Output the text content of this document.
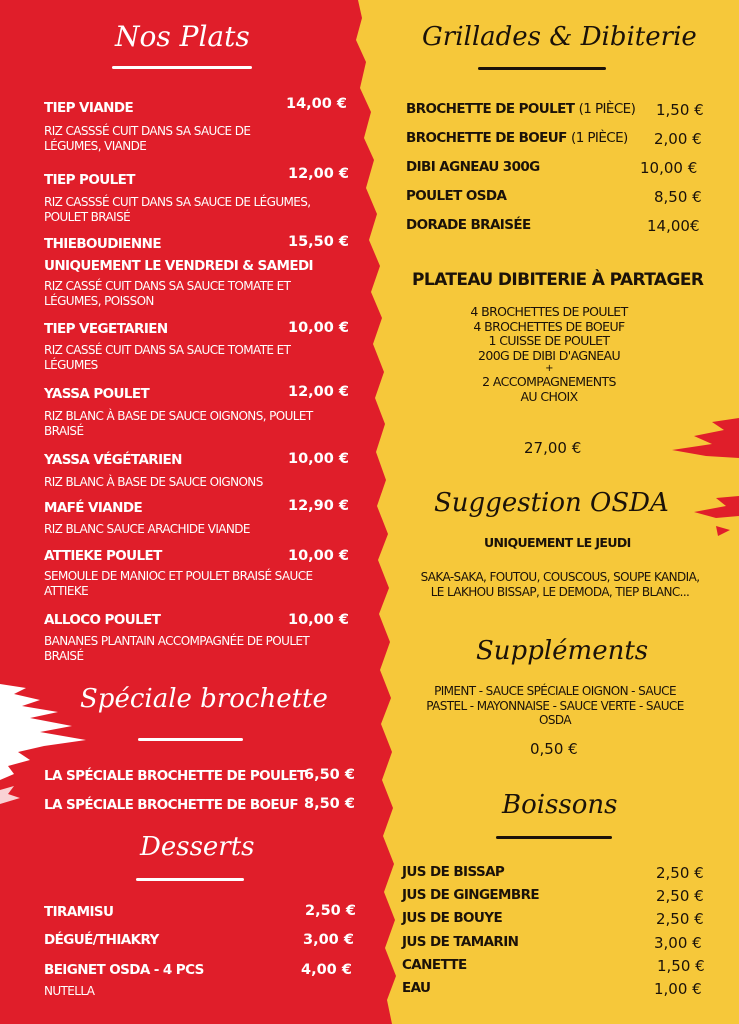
Nos Plats
TIEP VIANDE	14,00 €
RIZ CASSSÉ CUIT DANS SA SAUCE DE
LÉGUMES, VIANDE
TIEP POULET	12,00 €
RIZ CASSSÉ CUIT DANS SA SAUCE DE LÉGUMES,
POULET BRAISÉ
THIEBOUDIENNE	15,50 €
UNIQUEMENT LE VENDREDI & SAMEDI
RIZ CASSÉ CUIT DANS SA SAUCE TOMATE ET
LÉGUMES, POISSON
TIEP VEGETARIEN	10,00 €
RIZ CASSÉ CUIT DANS SA SAUCE TOMATE ET
LÉGUMES
YASSA POULET	12,00 €
RIZ BLANC À BASE DE SAUCE OIGNONS, POULET
BRAISÉ
YASSA VÉGÉTARIEN	10,00 €
RIZ BLANC À BASE DE SAUCE OIGNONS
MAFÉ VIANDE	12,90 €
RIZ BLANC SAUCE ARACHIDE VIANDE
ATTIEKE POULET	10,00 €
SEMOULE DE MANIOC ET POULET BRAISÉ SAUCE
ATTIEKE
ALLOCO POULET	10,00 €
BANANES PLANTAIN ACCOMPAGNÉE DE POULET
BRAISÉ
Spéciale brochette
LA SPÉCIALE BROCHETTE DE POULET
6,50 €
LA SPÉCIALE BROCHETTE DE BOEUF 8,50 €
Desserts
TIRAMISU	2,50 €
DÉGUÉ/THIAKRY	3,00 €
BEIGNET OSDA - 4 PCS	4,00 €
NUTELLA
Grillades & Dibiterie
BROCHETTE DE POULET (1 PIÈCE) 1,50 €
BROCHETTE DE BOEUF (1 PIÈCE) 2,00 €
DIBI AGNEAU 300G	10,00 €
POULET OSDA	8,50 €
DORADE BRAISÉE	14,00€
PLATEAU DIBITERIE À PARTAGER
4 BROCHETTES DE POULET
4 BROCHETTES DE BOEUF
1 CUISSE DE POULET
200G DE DIBI D'AGNEAU
+
2 ACCOMPAGNEMENTS
AU CHOIX
27,00 €
Suggestion OSDA
UNIQUEMENT LE JEUDI
SAKA-SAKA, FOUTOU, COUSCOUS, SOUPE KANDIA,
LE LAKHOU BISSAP, LE DEMODA, TIEP BLANC...
Suppléments
PIMENT - SAUCE SPÉCIALE OIGNON - SAUCE
PASTEL - MAYONNAISE - SAUCE VERTE - SAUCE
OSDA
0,50 €
Boissons
JUS DE BISSAP	2,50 €
JUS DE GINGEMBRE	2,50 €
JUS DE BOUYE	2,50 €
JUS DE TAMARIN	3,00 €
CANETTE	1,50 €
EAU	1,00 €
